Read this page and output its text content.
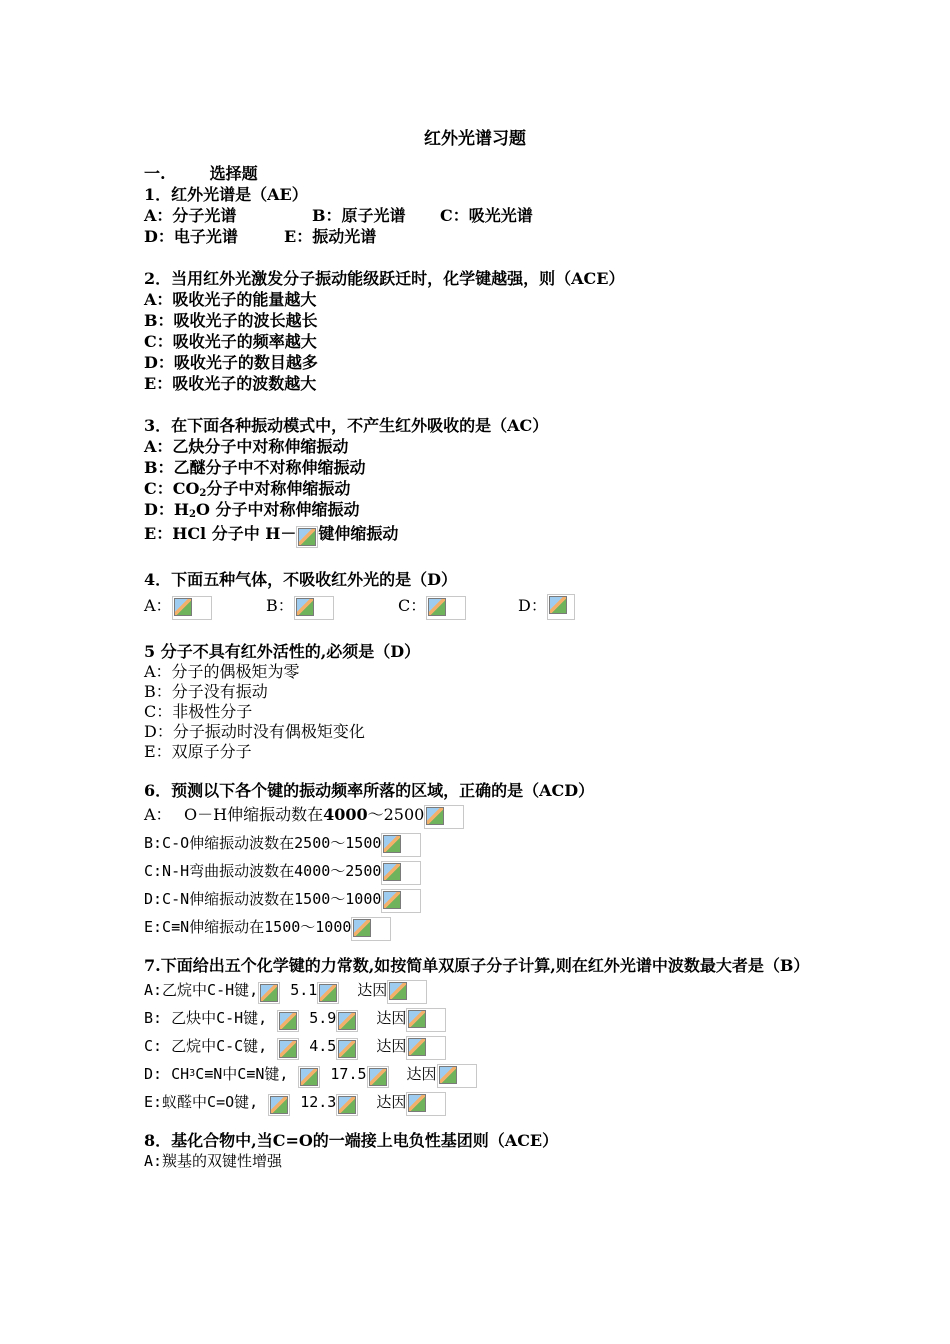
红外光谱习题
一.	选择题
1．红外光谱是（AE）
A：分子光谱	B：原子光谱 C：吸光光谱
D：电子光谱	E：振动光谱
2．当用红外光激发分子振动能级跃迁时，化学键越强，则（ACE）
A：吸收光子的能量越大
B：吸收光子的波长越长
C：吸收光子的频率越大
D：吸收光子的数目越多
E：吸收光子的波数越大
3．在下面各种振动模式中，不产生红外吸收的是（AC）
A：乙炔分子中对称伸缩振动
B：乙醚分子中不对称伸缩振动
C：$CO_2$分子中对称伸缩振动
D：$H_2O$ 分子中对称伸缩振动
E：HCl 分子中 H－ 键伸缩振动
4．下面五种气体，不吸收红外光的是（D）
A：	B：	C：	D：
5 分子不具有红外活性的,必须是（D）
A：分子的偶极矩为零
B：分子没有振动
C：非极性分子
D：分子振动时没有偶极矩变化
E：双原子分子
6．预测以下各个键的振动频率所落的区域，正确的是（ACD）
A： O－H伸缩振动数在 4000 ～2500
B:C-O伸缩振动波数在2500～1500
C:N-H弯曲振动波数在4000～2500
D:C-N伸缩振动波数在1500～1000
E:C≡N伸缩振动在1500～1000
7.下面给出五个化学键的力常数,如按简单双原子分子计算,则在红外光谱中波数最大者是（B）
A:乙烷中C-H键, 5.1	达因
B: 乙炔中C-H键,	5.9	达因
C: 乙烷中C-C键,	4.5	达因
D: CH 3 C≡N中C≡N键,	17.5	达因
E:蚁醛中C=O键,	12.3	达因
8．基化合物中,当C=O的一端接上电负性基团则（ACE）
A:羰基的双键性增强
